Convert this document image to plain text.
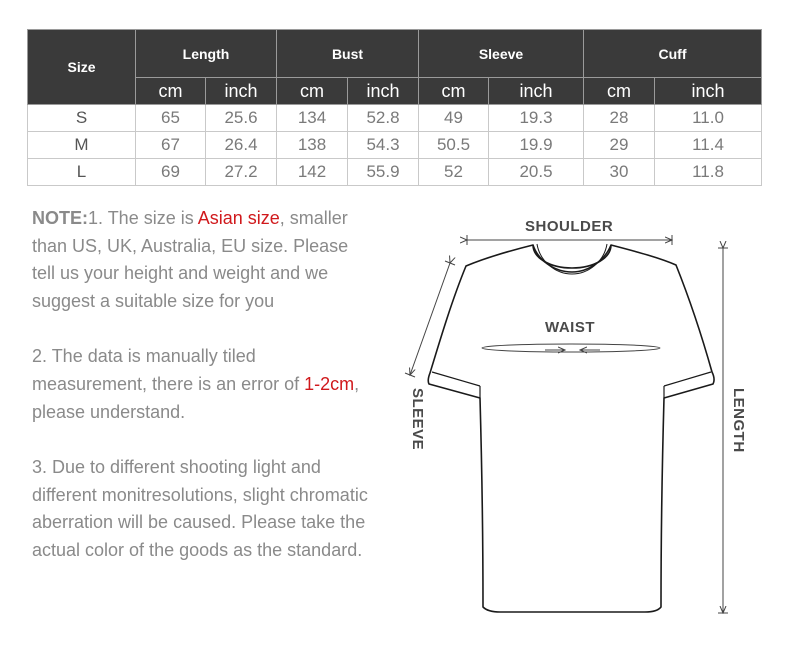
Size	Length		Bust		Sleeve		Cuff	
	cm	inch	cm	inch	cm	inch	cm	inch
S	65	25.6	134	52.8	49	19.3	28	11.0
M	67	26.4	138	54.3	50.5	19.9	29	11.4
L	69	27.2	142	55.9	52	20.5	30	11.8

NOTE:1. The size is Asian size, smaller than US, UK, Australia, EU size. Please tell us your height and weight and we suggest a suitable size for you

2. The data is manually tiled measurement, there is an error of 1-2cm, please understand.

3. Due to different shooting light and different monitresolutions, slight chromatic aberration will be caused. Please take the actual color of the goods as the standard.

SHOULDER
WAIST
SLEEVE	LENGTH
